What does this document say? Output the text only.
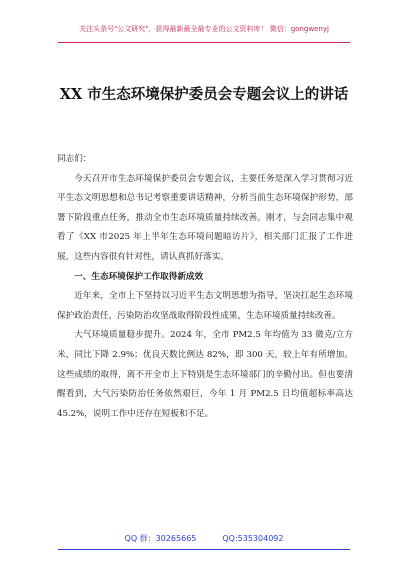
关注头条号"公文研究"，获得最新最全最专业的公文资料库！ 微信：gongwenyj
XX 市生态环境保护委员会专题会议上的讲话

同志们：

今天召开市生态环境保护委员会专题会议，主要任务是深入学习贯彻习近平生态文明思想和总书记考察重要讲话精神，分析当前生态环境保护形势，部署下阶段重点任务，推动全市生态环境质量持续改善。刚才，与会同志集中观看了《XX 市2025 年上半年生态环境问题暗访片》，相关部门汇报了工作进展，这些内容很有针对性，请认真抓好落实。

一、生态环境保护工作取得新成效

近年来，全市上下坚持以习近平生态文明思想为指导，坚决扛起生态环境保护政治责任，污染防治攻坚战取得阶段性成果，生态环境质量持续改善。

大气环境质量稳步提升。2024 年，全市 PM2.5 年均值为 33 微克/立方米，同比下降 2.9%；优良天数比例达 82%，即 300 天，较上年有所增加。这些成绩的取得，离不开全市上下特别是生态环境部门的辛勤付出。但也要清醒看到，大气污染防治任务依然艰巨，今年 1 月 PM2.5 日均值超标率高达 45.2%，说明工作中还存在短板和不足。

QQ 群：30265665	QQ:535304092
